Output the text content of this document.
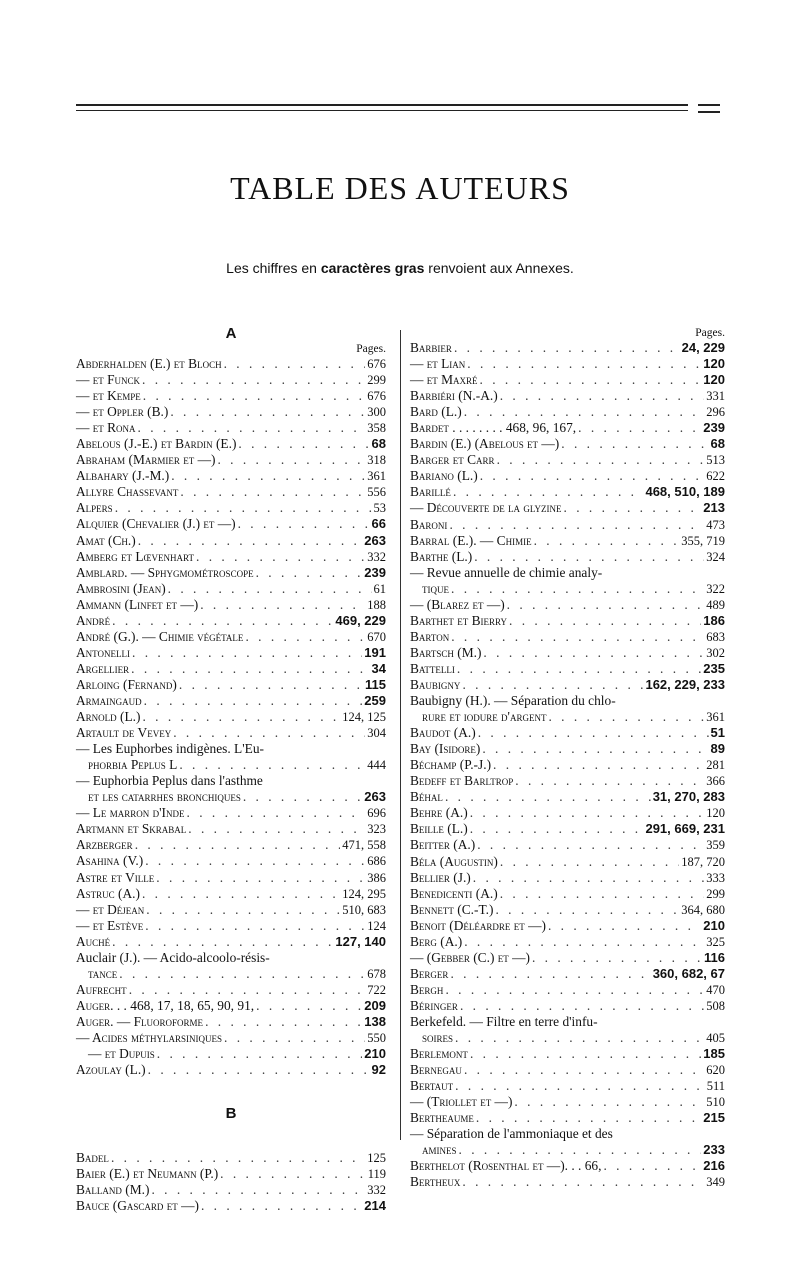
TABLE DES AUTEURS
Les chiffres en caractères gras renvoient aux Annexes.
A
Pages.
Abderhalden (E.) et Bloch . . .	676
— et Funck . . .	299
— et Kempe . . .	676
— et Oppler (B.) . . .	300
— et Rona . . .	358
Abelous (J.-E.) et Bardin (E.) . . .	68
Abraham (Marmier et —) . . .	318
Albahary (J.-M.) . . .	361
Allyre Chassevant . . .	556
Alpers . . .	53
Alquier (Chevalier (J.) et —) . . .	66
Amat (Ch.) . . .	263
Amberg et Lœvenhart . . .	332
Amblard. — Sphygmométroscope . . .	239
Ambrosini (Jean) . . .	61
Ammann (Linfet et —) . . .	188
André . . .	469, 229
André (G.). — Chimie végétale . . .	670
Antonelli . . .	191
Argellier . . .	34
Arloing (Fernand) . . .	115
Armaingaud . . .	259
Arnold (L.) . . .	124, 125
Artault de Vevey . . .	304
— Les Euphorbes indigènes. L'Eu-
phorbia Peplus L . . .	444
— Euphorbia Peplus dans l'asthme
et les catarrhes bronchiques . . .	263
— Le marron d'Inde . . .	696
Artmann et Skrabal . . .	323
Arzberger . . .	471, 558
Asahina (V.) . . .	686
Astre et Ville . . .	386
Astruc (A.) . . .	124, 295
— et Déjean . . .	510, 683
— et Estève . . .	124
Auché . . .	127, 140
Auclair (J.). — Acido-alcoolo-résis-
tance . . .	678
Aufrecht . . .	722
Auger. . . 468, 17, 18, 65, 90, 91, . . .	209
Auger. — Fluoroforme . . .	138
— Acides méthylarsiniques . . .	550
— et Dupuis . . .	210
Azoulay (L.) . . .	92
B
Badel . . .	125
Baier (E.) et Neumann (P.) . . .	119
Balland (M.) . . .	332
Bauce (Gascard et —) . . .	214
Pages.
Barbier . . .	24, 229
— et Lian . . .	120
— et Maxré . . .	120
Barbiéri (N.-A.) . . .	331
Bard (L.) . . .	296
Bardet . . . . . . . . 468, 96, 167, . . .	239
Bardin (E.) (Abelous et —) . . .	68
Barger et Carr . . .	513
Bariano (L.) . . .	622
Barillé . . .	468, 510, 189
— Découverte de la glyzine . . .	213
Baroni . . .	473
Barral (E.). — Chimie . . .	355, 719
Barthe (L.) . . .	324
— Revue annuelle de chimie analy-
tique . . .	322
— (Blarez et —) . . .	489
Barthet et Bierry . . .	186
Barton . . .	683
Bartsch (M.) . . .	302
Battelli . . .	235
Baubigny . . .	162, 229, 233
Baubigny (H.). — Séparation du chlo-
rure et iodure d'argent . . .	361
Baudot (A.) . . .	51
Bay (Isidore) . . .	89
Béchamp (P.-J.) . . .	281
Bedeff et Barltrop . . .	366
Béhal . . .	31, 270, 283
Behre (A.) . . .	120
Beille (L.) . . .	291, 669, 231
Beitter (A.) . . .	359
Béla (Augustin) . . .	187, 720
Bellier (J.) . . .	333
Benedicenti (A.) . . .	299
Bennett (C.-T.) . . .	364, 680
Benoit (Déléardre et —) . . .	210
Berg (A.) . . .	325
— (Gebber (C.) et —) . . .	116
Berger . . .	360, 682, 67
Bergh . . .	470
Béringer . . .	508
Berkefeld. — Filtre en terre d'infu-
soires . . .	405
Berlemont . . .	185
Bernegau . . .	620
Bertaut . . .	511
— (Triollet et —) . . .	510
Bertheaume . . .	215
— Séparation de l'ammoniaque et des
amines . . .	233
Berthelot (Rosenthal et —). . . 66, . . .	216
Bertheux . . .	349
